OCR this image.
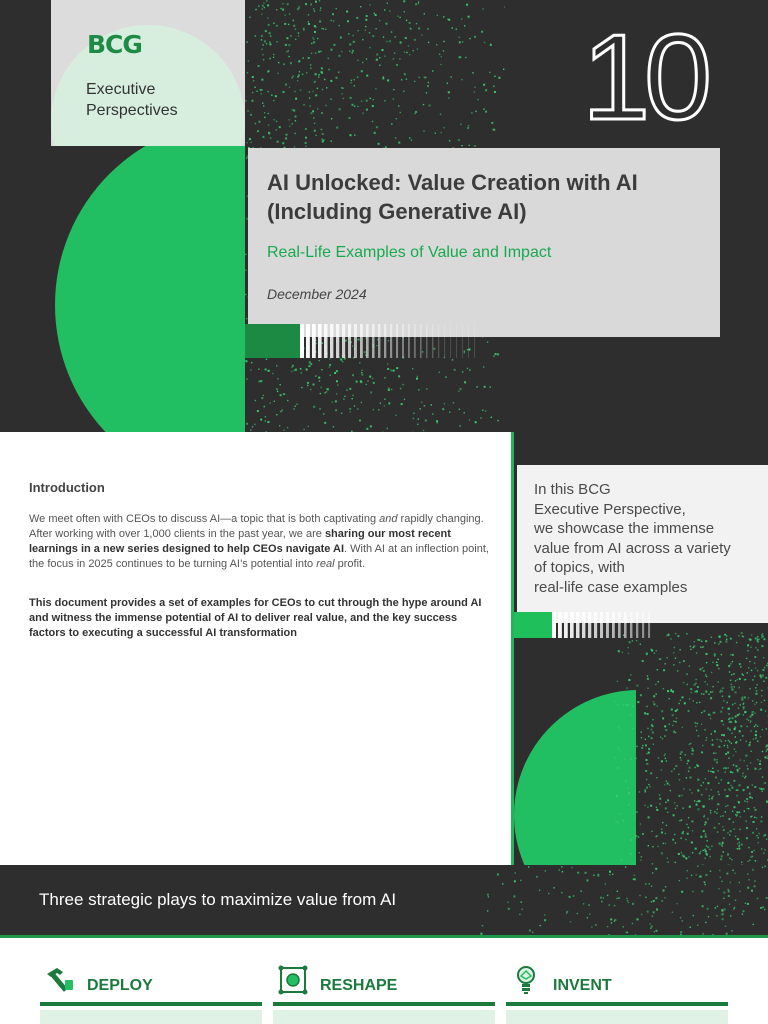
BCG
Executive
Perspectives	10
AI Unlocked: Value Creation with AI
(Including Generative AI)
Real-Life Examples of Value and Impact
December 2024
Introduction
We meet often with CEOs to discuss AI—a topic that is both captivating and rapidly changing. After working with over 1,000 clients in the past year, we are sharing our most recent learnings in a new series designed to help CEOs navigate AI. With AI at an inflection point, the focus in 2025 continues to be turning AI’s potential into real profit.
This document provides a set of examples for CEOs to cut through the hype around AI and witness the immense potential of AI to deliver real value, and the key success factors to executing a successful AI transformation
In this BCG
Executive Perspective,
we showcase the immense
value from AI across a variety
of topics, with
real-life case examples
Three strategic plays to maximize value from AI
DEPLOY	RESHAPE	INVENT
